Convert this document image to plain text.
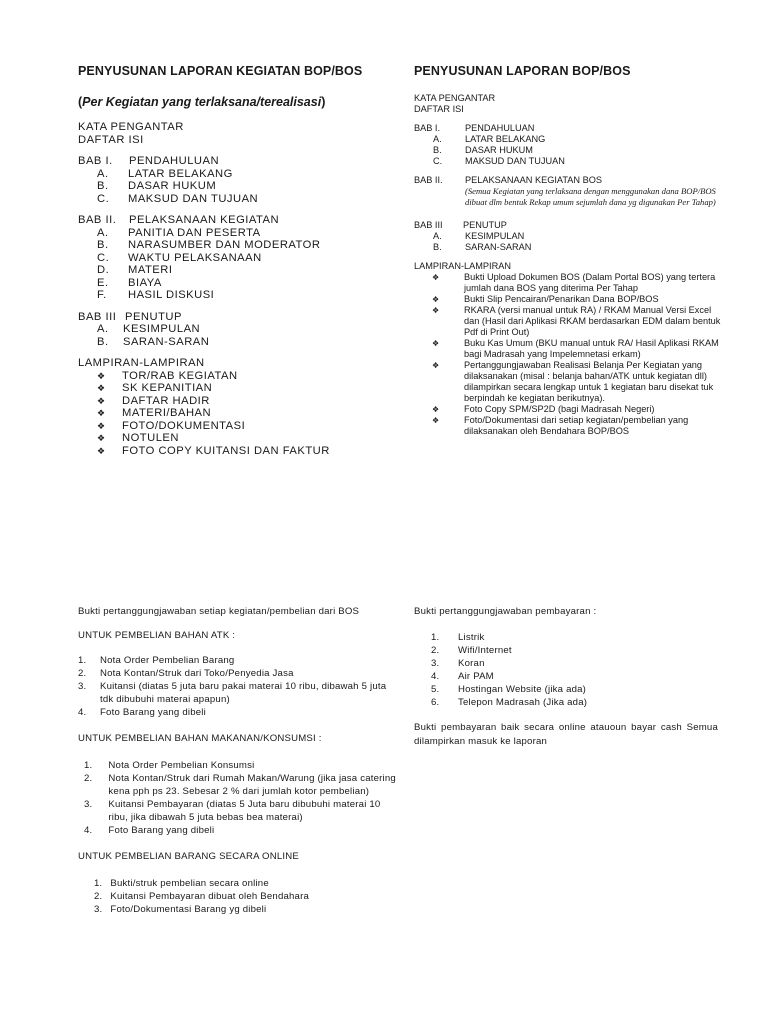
PENYUSUNAN LAPORAN KEGIATAN BOP/BOS

(Per Kegiatan yang terlaksana/terealisasi)

KATA PENGANTAR
DAFTAR ISI
BAB I. PENDAHULUAN
A. LATAR BELAKANG
B. DASAR HUKUM
C. MAKSUD DAN TUJUAN
BAB II. PELAKSANAAN KEGIATAN
A. PANITIA DAN PESERTA
B. NARASUMBER DAN MODERATOR
C. WAKTU PELAKSANAAN
D. MATERI
E. BIAYA
F. HASIL DISKUSI
BAB III PENUTUP
A. KESIMPULAN
B. SARAN-SARAN
LAMPIRAN-LAMPIRAN
❖ TOR/RAB KEGIATAN
❖ SK KEPANITIAN
❖ DAFTAR HADIR
❖ MATERI/BAHAN
❖ FOTO/DOKUMENTASI
❖ NOTULEN
❖ FOTO COPY KUITANSI DAN FAKTUR

PENYUSUNAN LAPORAN BOP/BOS

KATA PENGANTAR
DAFTAR ISI
BAB I.	PENDAHULUAN
A.	LATAR BELAKANG
B.	DASAR HUKUM
C. MAKSUD DAN TUJUAN
BAB II. PELAKSANAAN KEGIATAN BOS
(Semua Kegiatan yang terlaksana dengan menggunakan dana BOP/BOS dibuat dlm bentuk Rekap umum sejumlah dana yg digunakan Per Tahap)
BAB III PENUTUP
A.	KESIMPULAN
B.	SARAN-SARAN
LAMPIRAN-LAMPIRAN
❖	Bukti Upload Dokumen BOS (Dalam Portal BOS) yang tertera jumlah dana BOS yang diterima Per Tahap
❖	Bukti Slip Pencairan/Penarikan Dana BOP/BOS
❖	RKARA (versi manual untuk RA) / RKAM Manual Versi Excel dan (Hasil dari Aplikasi RKAM berdasarkan EDM dalam bentuk Pdf di Print Out)
❖	Buku Kas Umum (BKU manual untuk RA/ Hasil Aplikasi RKAM bagi Madrasah yang Impelemnetasi erkam)
❖	Pertanggungjawaban Realisasi Belanja Per Kegiatan yang dilaksanakan (misal : belanja bahan/ATK untuk kegiatan dll) dilampirkan secara lengkap untuk 1 kegiatan baru disekat tuk berpindah ke kegiatan berikutnya).
❖	Foto Copy SPM/SP2D (bagi Madrasah Negeri)
❖	Foto/Dokumentasi dari setiap kegiatan/pembelian yang dilaksanakan oleh Bendahara BOP/BOS

Bukti pertanggungjawaban setiap kegiatan/pembelian dari BOS

UNTUK PEMBELIAN BAHAN ATK :

1.	Nota Order Pembelian Barang
2.	Nota Kontan/Struk dari Toko/Penyedia Jasa
3.	Kuitansi (diatas 5 juta baru pakai materai 10 ribu, dibawah 5 juta tdk dibubuhi materai apapun)
4.	Foto Barang yang dibeli

UNTUK PEMBELIAN BAHAN MAKANAN/KONSUMSI :

1. Nota Order Pembelian Konsumsi
2. Nota Kontan/Struk dari Rumah Makan/Warung (jika jasa catering kena pph ps 23. Sebesar 2 % dari jumlah kotor pembelian)
3. Kuitansi Pembayaran (diatas 5 Juta baru dibubuhi materai 10 ribu, jika dibawah 5 juta bebas bea materai)
4. Foto Barang yang dibeli

UNTUK PEMBELIAN BARANG SECARA ONLINE

1. Bukti/struk pembelian secara online
2. Kuitansi Pembayaran dibuat oleh Bendahara
3. Foto/Dokumentasi Barang yg dibeli

Bukti pertanggungjawaban pembayaran :

1.	Listrik
2.	Wifi/Internet
3.	Koran
4.	Air PAM
5.	Hostingan Website (jika ada)
6.	Telepon Madrasah (Jika ada)

Bukti pembayaran baik secara online atauoun bayar cash Semua dilampirkan masuk ke laporan
